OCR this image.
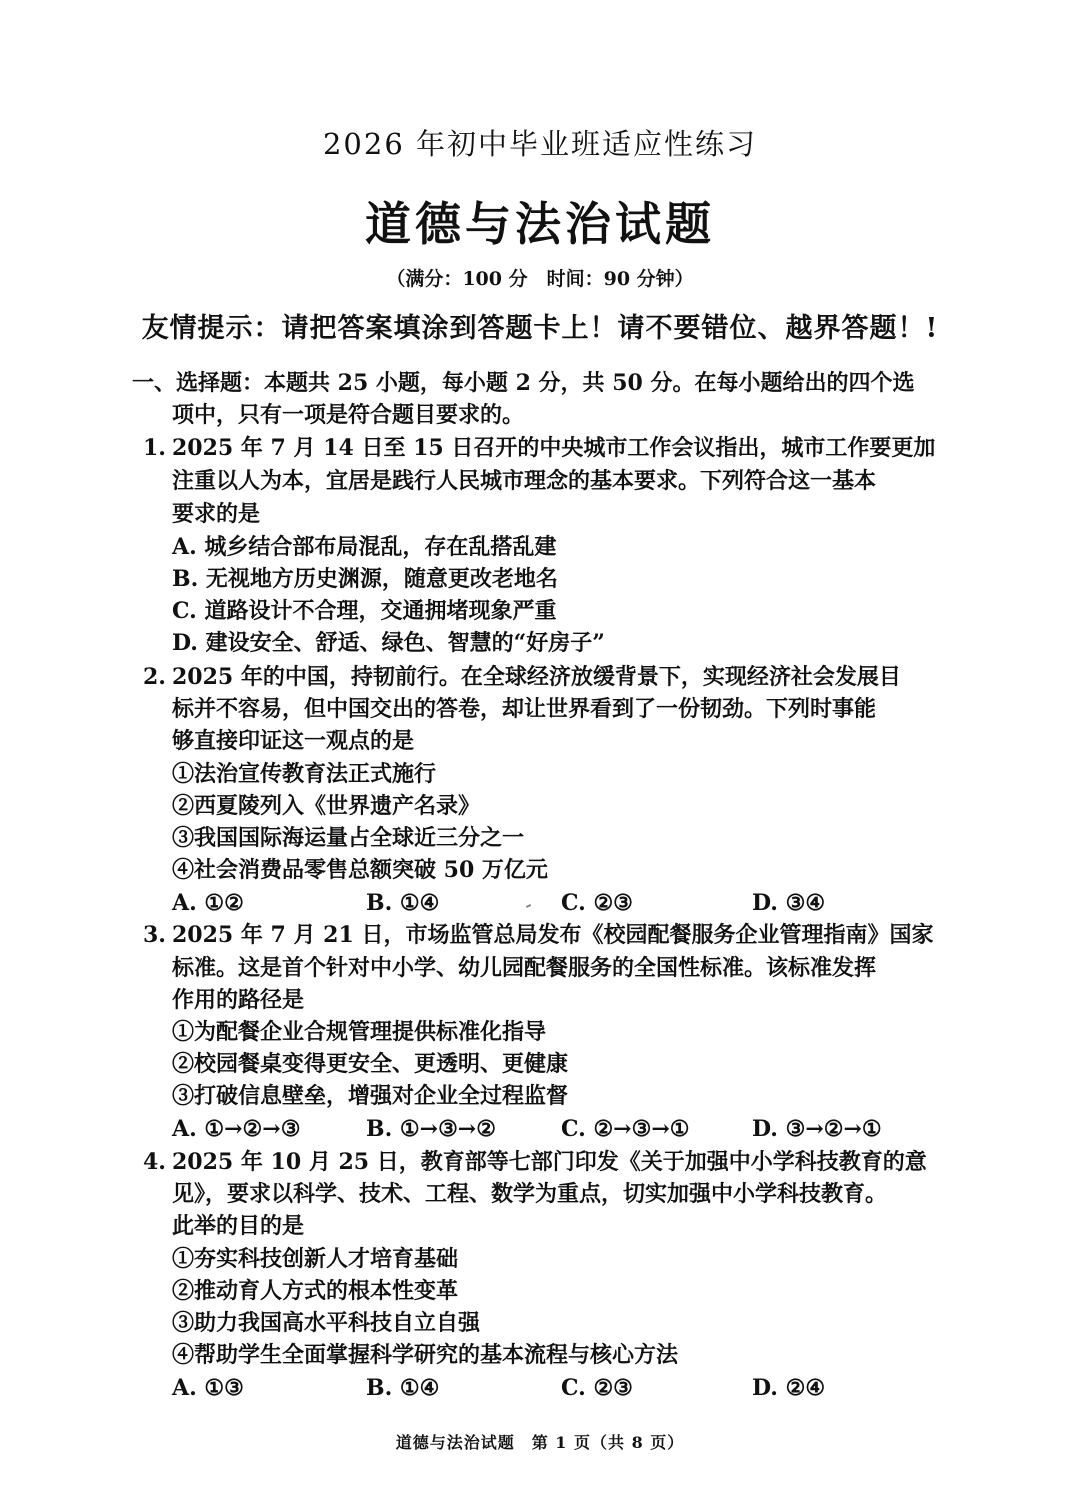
2026 年初中毕业班适应性练习
道德与法治试题
（满分：100 分　时间：90 分钟）
友情提示：请把答案填涂到答题卡上！请不要错位、越界答题！!
一、选择题：本题共 25 小题，每小题 2 分，共 50 分。在每小题给出的四个选
项中，只有一项是符合题目要求的。
1. 2025 年 7 月 14 日至 15 日召开的中央城市工作会议指出，城市工作要更加
注重以人为本，宜居是践行人民城市理念的基本要求。下列符合这一基本
要求的是
A. 城乡结合部布局混乱，存在乱搭乱建
B. 无视地方历史渊源，随意更改老地名
C. 道路设计不合理，交通拥堵现象严重
D. 建设安全、舒适、绿色、智慧的“好房子”
2. 2025 年的中国，持韧前行。在全球经济放缓背景下，实现经济社会发展目
标并不容易，但中国交出的答卷，却让世界看到了一份韧劲。下列时事能
够直接印证这一观点的是
①法治宣传教育法正式施行
②西夏陵列入《世界遗产名录》
③我国国际海运量占全球近三分之一
④社会消费品零售总额突破 50 万亿元
A. ①②	B. ①④	C. ②③	D. ③④
3. 2025 年 7 月 21 日，市场监管总局发布《校园配餐服务企业管理指南》国家
标准。这是首个针对中小学、幼儿园配餐服务的全国性标准。该标准发挥
作用的路径是
①为配餐企业合规管理提供标准化指导
②校园餐桌变得更安全、更透明、更健康
③打破信息壁垒，增强对企业全过程监督
A. ①→②→③	B. ①→③→②	C. ②→③→①	D. ③→②→①
4. 2025 年 10 月 25 日，教育部等七部门印发《关于加强中小学科技教育的意
见》，要求以科学、技术、工程、数学为重点，切实加强中小学科技教育。
此举的目的是
①夯实科技创新人才培育基础
②推动育人方式的根本性变革
③助力我国高水平科技自立自强
④帮助学生全面掌握科学研究的基本流程与核心方法
A. ①③	B. ①④	C. ②③	D. ②④
道德与法治试题　第 1 页（共 8 页）
